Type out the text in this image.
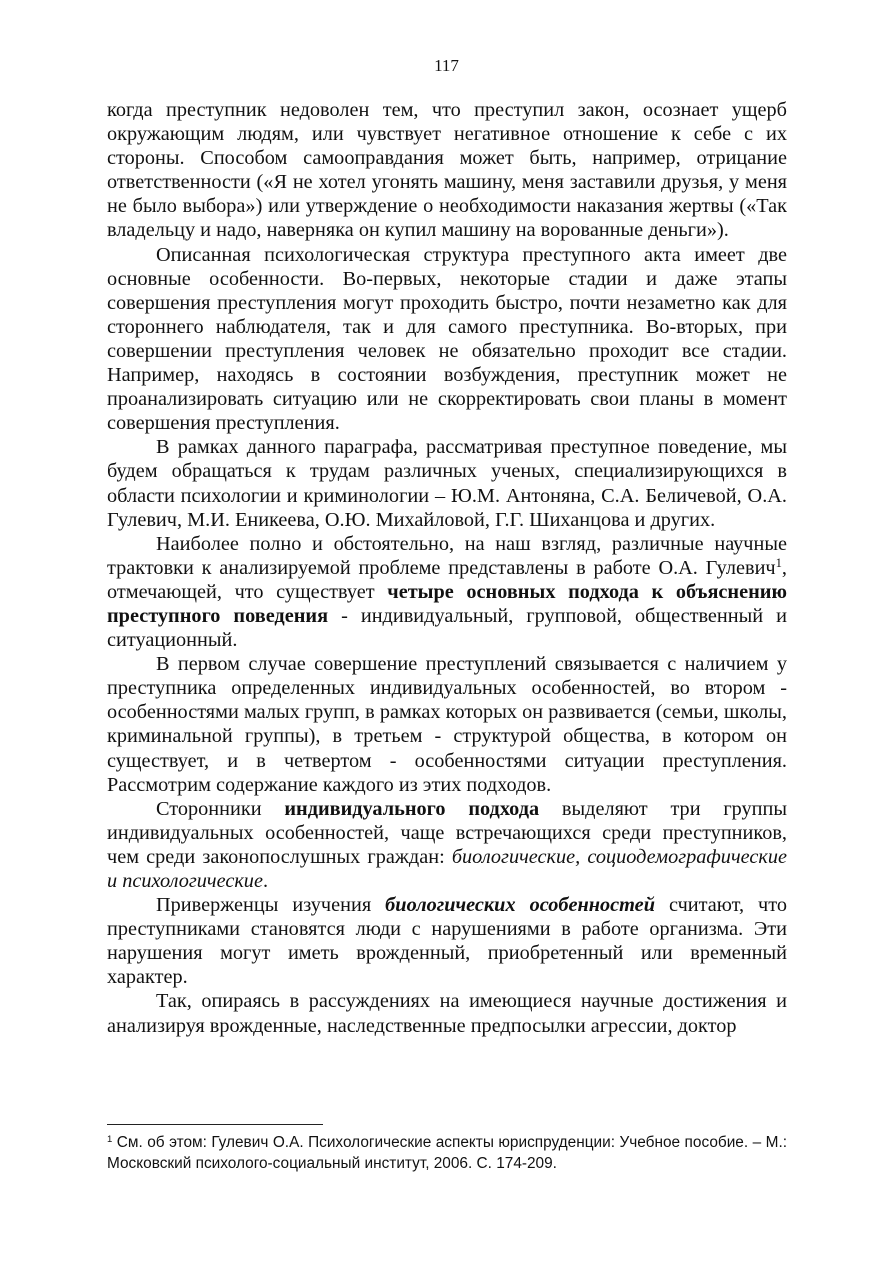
117

когда преступник недоволен тем, что преступил закон, осознает ущерб окружающим людям, или чувствует негативное отношение к себе с их стороны. Способом самооправдания может быть, например, отрицание ответственности («Я не хотел угонять машину, меня заставили друзья, у меня не было выбора») или утверждение о необходимости наказания жертвы («Так владельцу и надо, наверняка он купил машину на ворованные деньги»).

Описанная психологическая структура преступного акта имеет две основные особенности. Во-первых, некоторые стадии и даже этапы совершения преступления могут проходить быстро, почти незаметно как для стороннего наблюдателя, так и для самого преступника. Во-вторых, при совершении преступления человек не обязательно проходит все стадии. Например, находясь в состоянии возбуждения, преступник может не проанализировать ситуацию или не скорректировать свои планы в момент совершения преступления.

В рамках данного параграфа, рассматривая преступное поведение, мы будем обращаться к трудам различных ученых, специализирующихся в области психологии и криминологии – Ю.М. Антоняна, С.А. Беличевой, О.А. Гулевич, М.И. Еникеева, О.Ю. Михайловой, Г.Г. Шиханцова и других.

Наиболее полно и обстоятельно, на наш взгляд, различные научные трактовки к анализируемой проблеме представлены в работе О.А. Гулевич$^1$, отмечающей, что существует четыре основных подхода к объяснению преступного поведения - индивидуальный, групповой, общественный и ситуационный.

В первом случае совершение преступлений связывается с наличием у преступника определенных индивидуальных особенностей, во втором - особенностями малых групп, в рамках которых он развивается (семьи, школы, криминальной группы), в третьем - структурой общества, в котором он существует, и в четвертом - особенностями ситуации преступления. Рассмотрим содержание каждого из этих подходов.

Сторонники индивидуального подхода выделяют три группы индивидуальных особенностей, чаще встречающихся среди преступников, чем среди законопослушных граждан: биологические, социодемографические и психологические.

Приверженцы изучения биологических особенностей считают, что преступниками становятся люди с нарушениями в работе организма. Эти нарушения могут иметь врожденный, приобретенный или временный характер.

Так, опираясь в рассуждениях на имеющиеся научные достижения и анализируя врожденные, наследственные предпосылки агрессии, доктор

$^1$ См. об этом: Гулевич О.А. Психологические аспекты юриспруденции: Учебное пособие. – М.: Московский психолого-социальный институт, 2006. С. 174-209.
